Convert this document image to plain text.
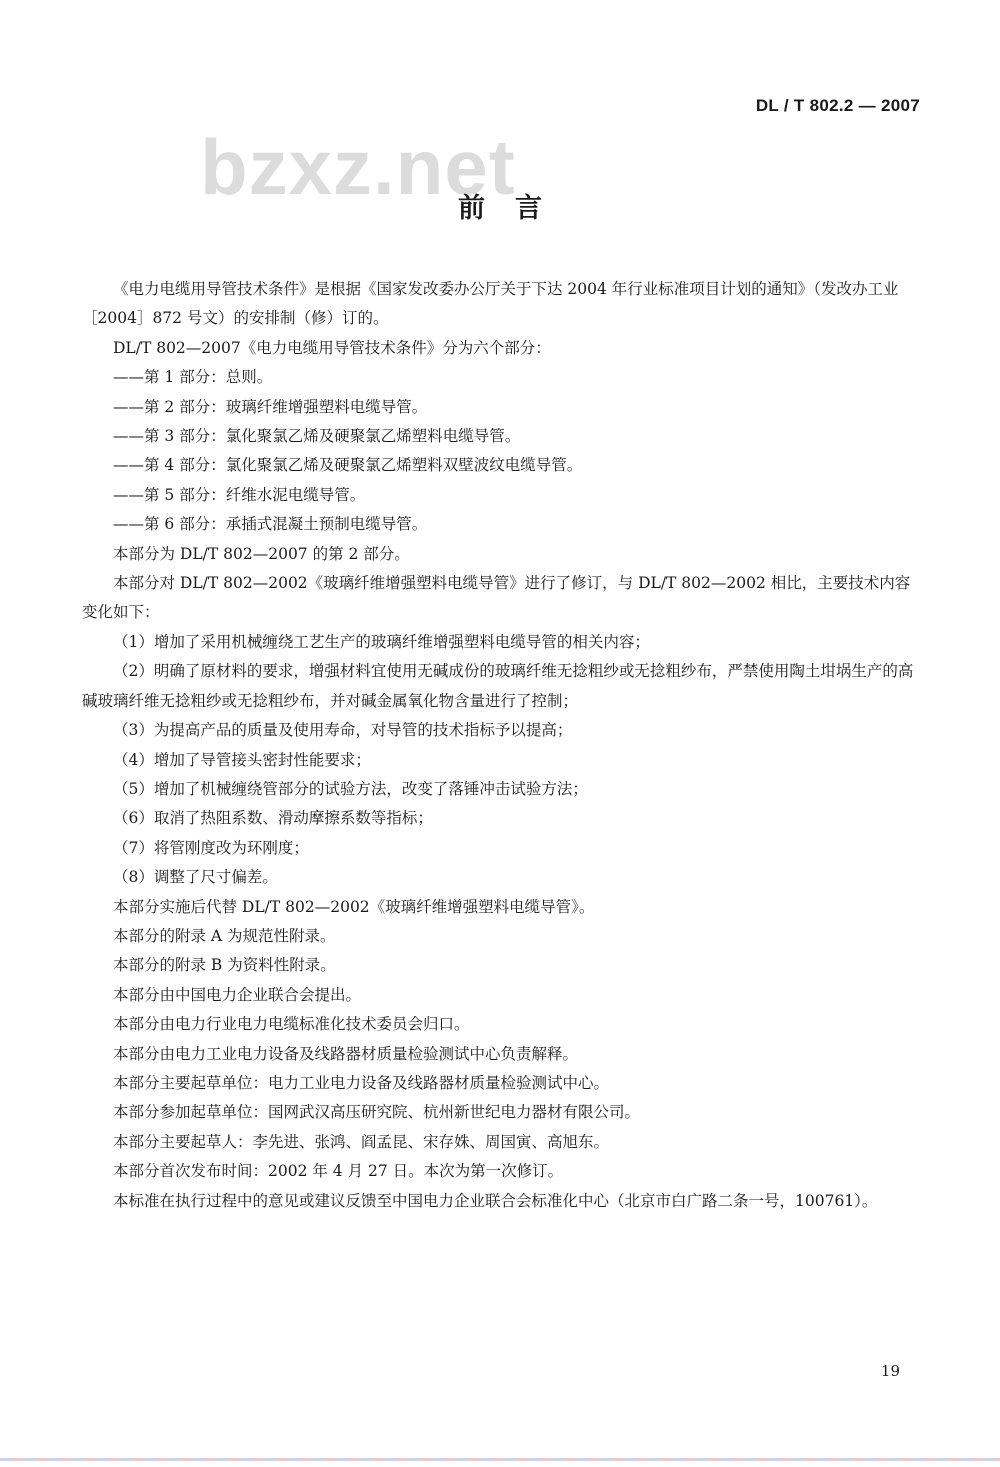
DL / T 802.2 — 2007
bzxz.net
前言

《电力电缆用导管技术条件》是根据《国家发改委办公厅关于下达 2004 年行业标准项目计划的通知》（发改办工业［2004］872 号文）的安排制（修）订的。

DL/T 802—2007《电力电缆用导管技术条件》分为六个部分：

——第 1 部分：总则。

——第 2 部分：玻璃纤维增强塑料电缆导管。

——第 3 部分：氯化聚氯乙烯及硬聚氯乙烯塑料电缆导管。

——第 4 部分：氯化聚氯乙烯及硬聚氯乙烯塑料双壁波纹电缆导管。

——第 5 部分：纤维水泥电缆导管。

——第 6 部分：承插式混凝土预制电缆导管。

本部分为 DL/T 802—2007 的第 2 部分。

本部分对 DL/T 802—2002《玻璃纤维增强塑料电缆导管》进行了修订，与 DL/T 802—2002 相比，主要技术内容变化如下：

（1）增加了采用机械缠绕工艺生产的玻璃纤维增强塑料电缆导管的相关内容；

（2）明确了原材料的要求，增强材料宜使用无碱成份的玻璃纤维无捻粗纱或无捻粗纱布，严禁使用陶土坩埚生产的高碱玻璃纤维无捻粗纱或无捻粗纱布，并对碱金属氧化物含量进行了控制；

（3）为提高产品的质量及使用寿命，对导管的技术指标予以提高；

（4）增加了导管接头密封性能要求；

（5）增加了机械缠绕管部分的试验方法，改变了落锤冲击试验方法；

（6）取消了热阻系数、滑动摩擦系数等指标；

（7）将管刚度改为环刚度；

（8）调整了尺寸偏差。

本部分实施后代替 DL/T 802—2002《玻璃纤维增强塑料电缆导管》。

本部分的附录 A 为规范性附录。

本部分的附录 B 为资料性附录。

本部分由中国电力企业联合会提出。

本部分由电力行业电力电缆标准化技术委员会归口。

本部分由电力工业电力设备及线路器材质量检验测试中心负责解释。

本部分主要起草单位：电力工业电力设备及线路器材质量检验测试中心。

本部分参加起草单位：国网武汉高压研究院、杭州新世纪电力器材有限公司。

本部分主要起草人：李先进、张鸿、阎孟昆、宋存姝、周国寅、高旭东。

本部分首次发布时间：2002 年 4 月 27 日。本次为第一次修订。

本标准在执行过程中的意见或建议反馈至中国电力企业联合会标准化中心（北京市白广路二条一号，100761）。

19
